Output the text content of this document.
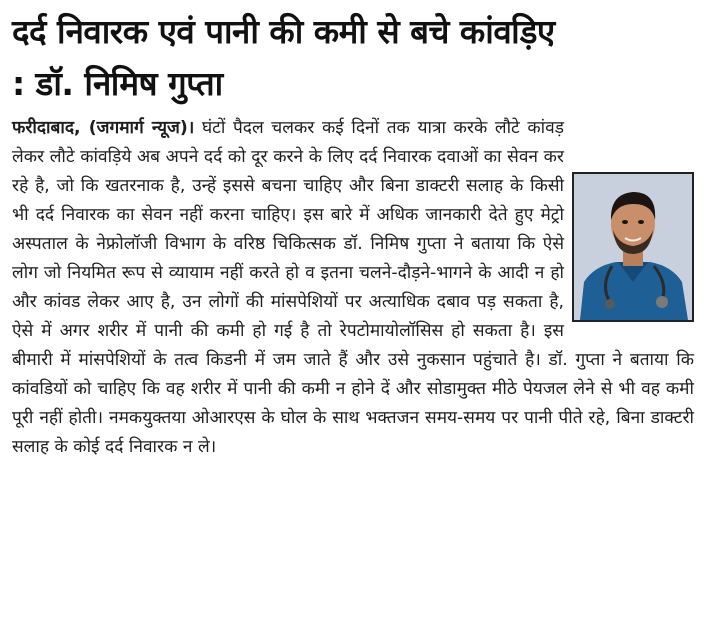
दर्द निवारक एवं पानी की कमी से बचे कांवड़िए
: डॉ. निमिष गुप्ता
फरीदाबाद, (जगमार्ग न्यूज)। घंटों पैदल चलकर कई दिनों तक यात्रा करके लौटे कांवड़ लेकर लौटे कांवड़िये अब अपने दर्द को दूर करने के लिए दर्द निवारक दवाओं का सेवन कर रहे है, जो कि खतरनाक है, उन्हें इससे बचना चाहिए और बिना डाक्टरी सलाह के किसी भी दर्द निवारक का सेवन नहीं करना चाहिए। इस बारे में अधिक जानकारी देते हुए मेट्रो अस्पताल के नेफ्रोलॉजी विभाग के वरिष्ठ चिकित्सक डॉ. निमिष गुप्ता ने बताया कि ऐसे लोग जो नियमित रूप से व्यायाम नहीं करते हो व इतना चलने-दौड़ने-भागने के आदी न हो और कांवड लेकर आए है, उन लोगों की मांसपेशियों पर अत्याधिक दबाव पड़ सकता है, ऐसे में अगर शरीर में पानी की कमी हो गई है तो रेपटोमायोलॉसिस हो सकता है। इस बीमारी में मांसपेशियों के तत्व किडनी में जम जाते हैं और उसे नुकसान पहुंचाते है। डॉ. गुप्ता ने बताया कि कांवडियों को चाहिए कि वह शरीर में पानी की कमी न होने दें और सोडामुक्त मीठे पेयजल लेने से भी वह कमी पूरी नहीं होती। नमकयुक्तया ओआरएस के घोल के साथ भक्तजन समय-समय पर पानी पीते रहे, बिना डाक्टरी सलाह के कोई दर्द निवारक न ले।
